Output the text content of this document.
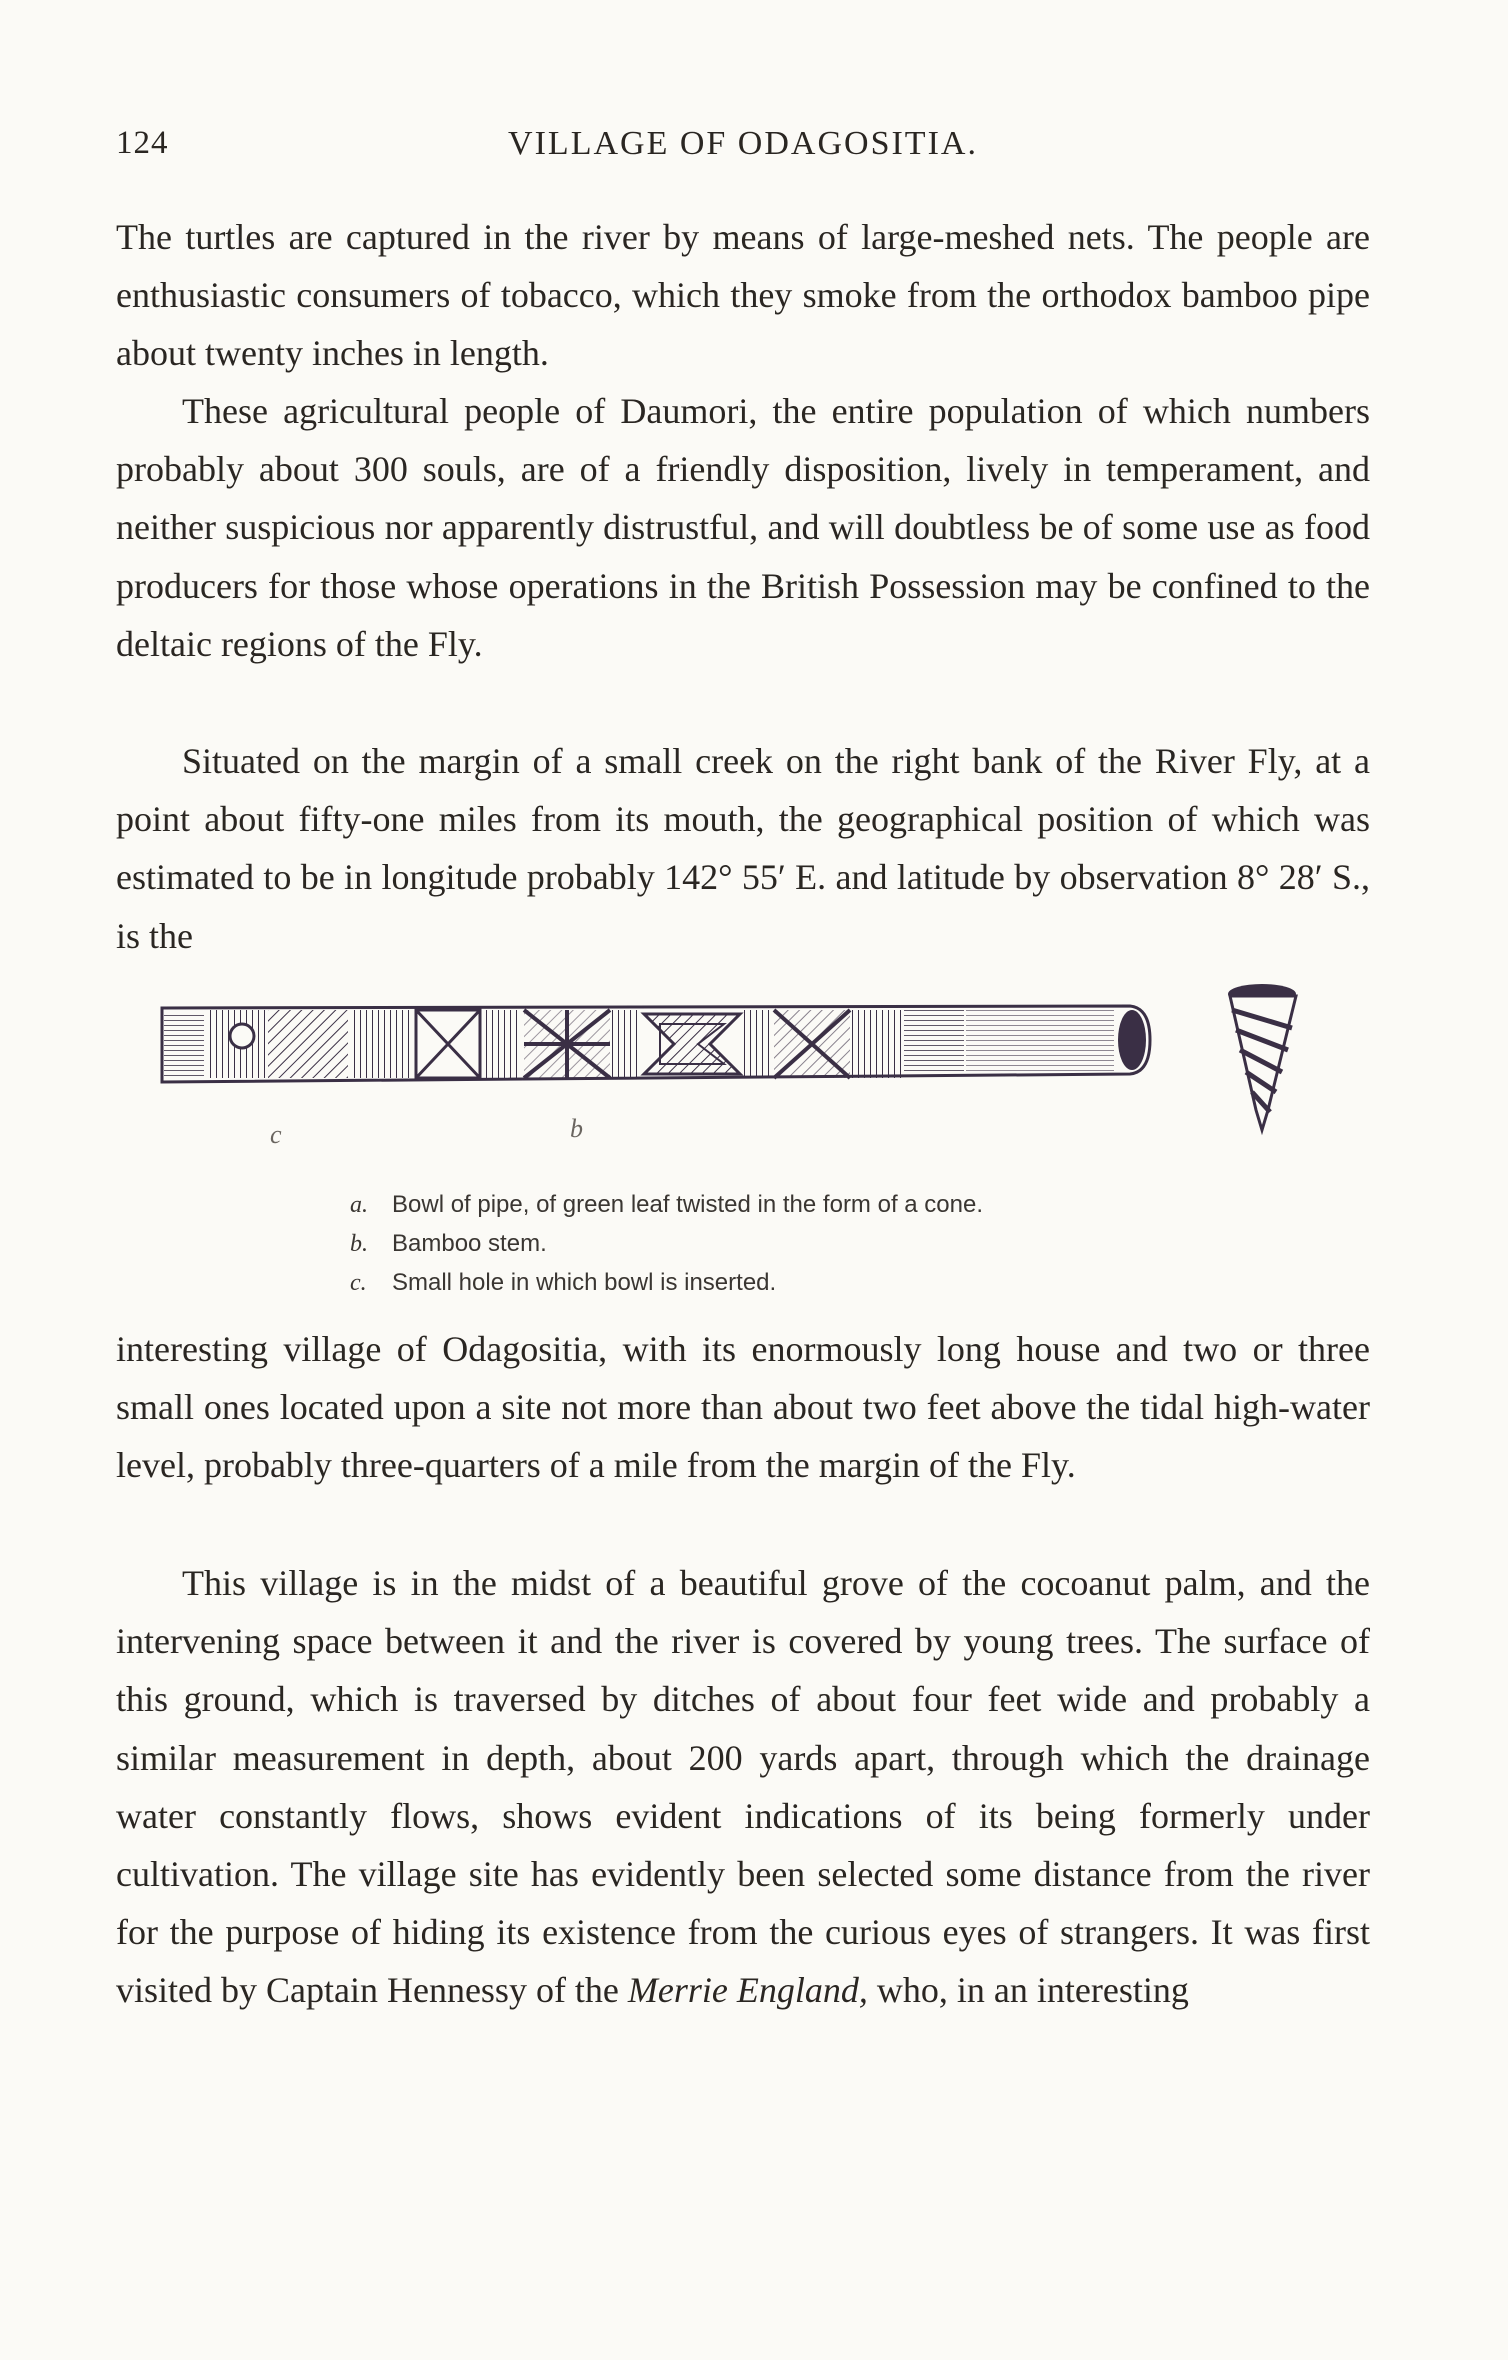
124	VILLAGE OF ODAGOSITIA.

The turtles are captured in the river by means of large-meshed nets. The people are enthusiastic consumers of tobacco, which they smoke from the orthodox bamboo pipe about twenty inches in length.

These agricultural people of Daumori, the entire population of which numbers probably about 300 souls, are of a friendly disposition, lively in temperament, and neither suspicious nor apparently distrustful, and will doubtless be of some use as food producers for those whose operations in the British Possession may be confined to the deltaic regions of the Fly.

Situated on the margin of a small creek on the right bank of the River Fly, at a point about fifty-one miles from its mouth, the geographical position of which was estimated to be in longitude probably 142° 55′ E. and latitude by observation 8° 28′ S., is the

c	b
a. Bowl of pipe, of green leaf twisted in the form of a cone.
b. Bamboo stem.
c. Small hole in which bowl is inserted.

interesting village of Odagositia, with its enormously long house and two or three small ones located upon a site not more than about two feet above the tidal high-water level, probably three-quarters of a mile from the margin of the Fly.

This village is in the midst of a beautiful grove of the cocoanut palm, and the intervening space between it and the river is covered by young trees. The surface of this ground, which is traversed by ditches of about four feet wide and probably a similar measurement in depth, about 200 yards apart, through which the drainage water constantly flows, shows evident indications of its being formerly under cultivation. The village site has evidently been selected some distance from the river for the purpose of hiding its existence from the curious eyes of strangers. It was first visited by Captain Hennessy of the Merrie England, who, in an interesting
